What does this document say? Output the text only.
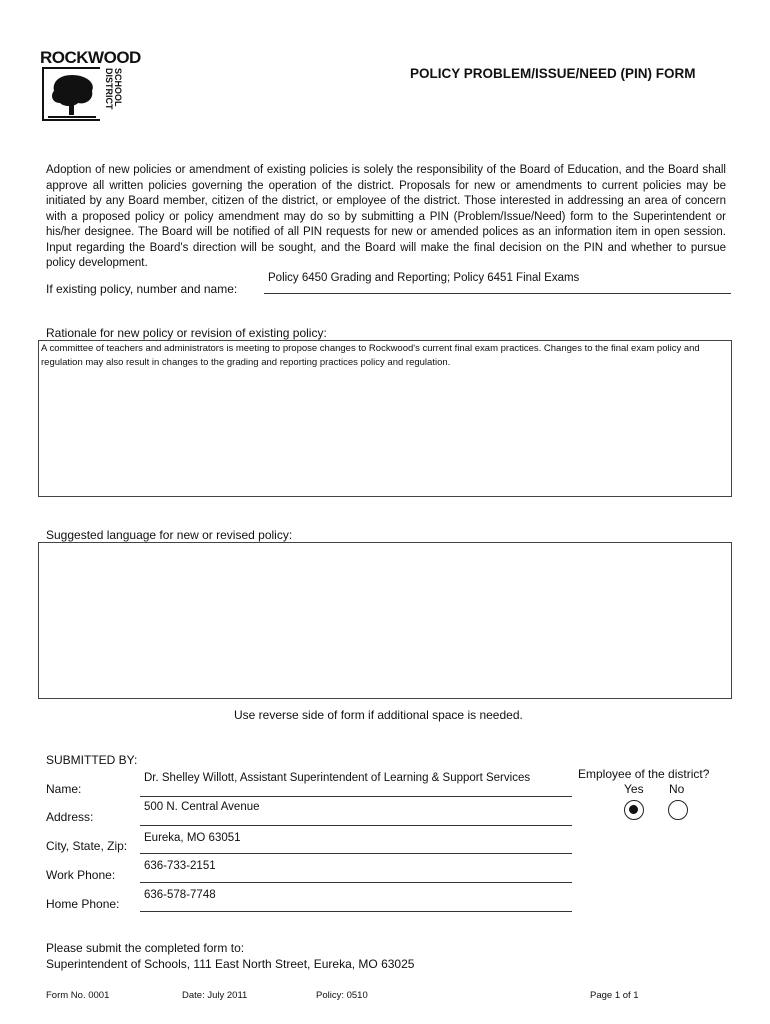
ROCKWOOD
SCHOOL DISTRICT	POLICY PROBLEM/ISSUE/NEED (PIN) FORM
Adoption of new policies or amendment of existing policies is solely the responsibility of the Board of Education, and the Board shall approve all written policies governing the operation of the district. Proposals for new or amendments to current policies may be initiated by any Board member, citizen of the district, or employee of the district. Those interested in addressing an area of concern with a proposed policy or policy amendment may do so by submitting a PIN (Problem/Issue/Need) form to the Superintendent or his/her designee. The Board will be notified of all PIN requests for new or amended polices as an information item in open session. Input regarding the Board's direction will be sought, and the Board will make the final decision on the PIN and whether to pursue policy development.
If existing policy, number and name:
Policy 6450 Grading and Reporting; Policy 6451 Final Exams
Rationale for new policy or revision of existing policy:
A committee of teachers and administrators is meeting to propose changes to Rockwood's current final exam practices. Changes to the final exam policy and regulation may also result in changes to the grading and reporting practices policy and regulation.
Suggested language for new or revised policy:
Use reverse side of form if additional space is needed.
SUBMITTED BY:
Name:
Dr. Shelley Willott, Assistant Superintendent of Learning & Support Services
Address:
500 N. Central Avenue
City, State, Zip:
Eureka, MO 63051
Work Phone:
636-733-2151
Home Phone:
636-578-7748
Employee of the district?
Yes No
Please submit the completed form to:
Superintendent of Schools, 111 East North Street, Eureka, MO 63025
Form No. 0001	Date: July 2011	Policy: 0510	Page 1 of 1
